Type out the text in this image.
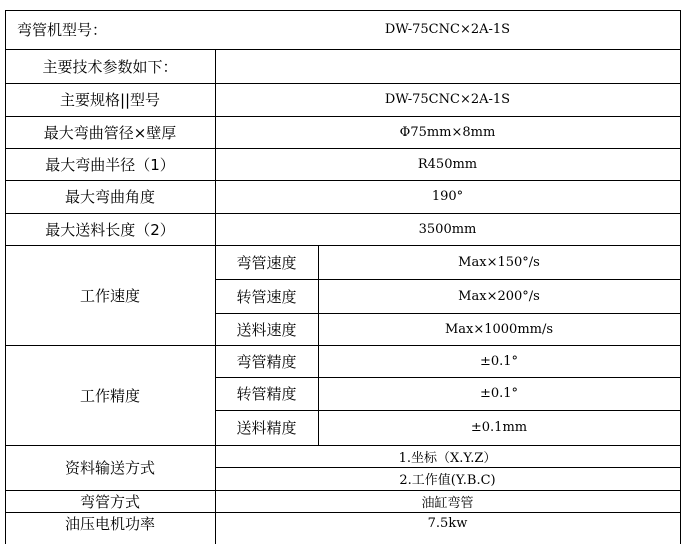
弯管机型号：	DW-75CNC×2A-1S
主要技术参数如下：
主要规格||型号	DW-75CNC×2A-1S
最大弯曲管径×壁厚	Φ75mm×8mm
最大弯曲半径（1）	R450mm
最大弯曲角度	190°
最大送料长度（2）	3500mm
工作速度
弯管速度	Max×150°/s
转管速度	Max×200°/s
送料速度	Max×1000mm/s
工作精度
弯管精度	±0.1°
转管精度	±0.1°
送料精度	±0.1mm
资料输送方式
1.坐标（X.Y.Z）
2.工作值(Y.B.C)
弯管方式	油缸弯管
油压电机功率	7.5kw
